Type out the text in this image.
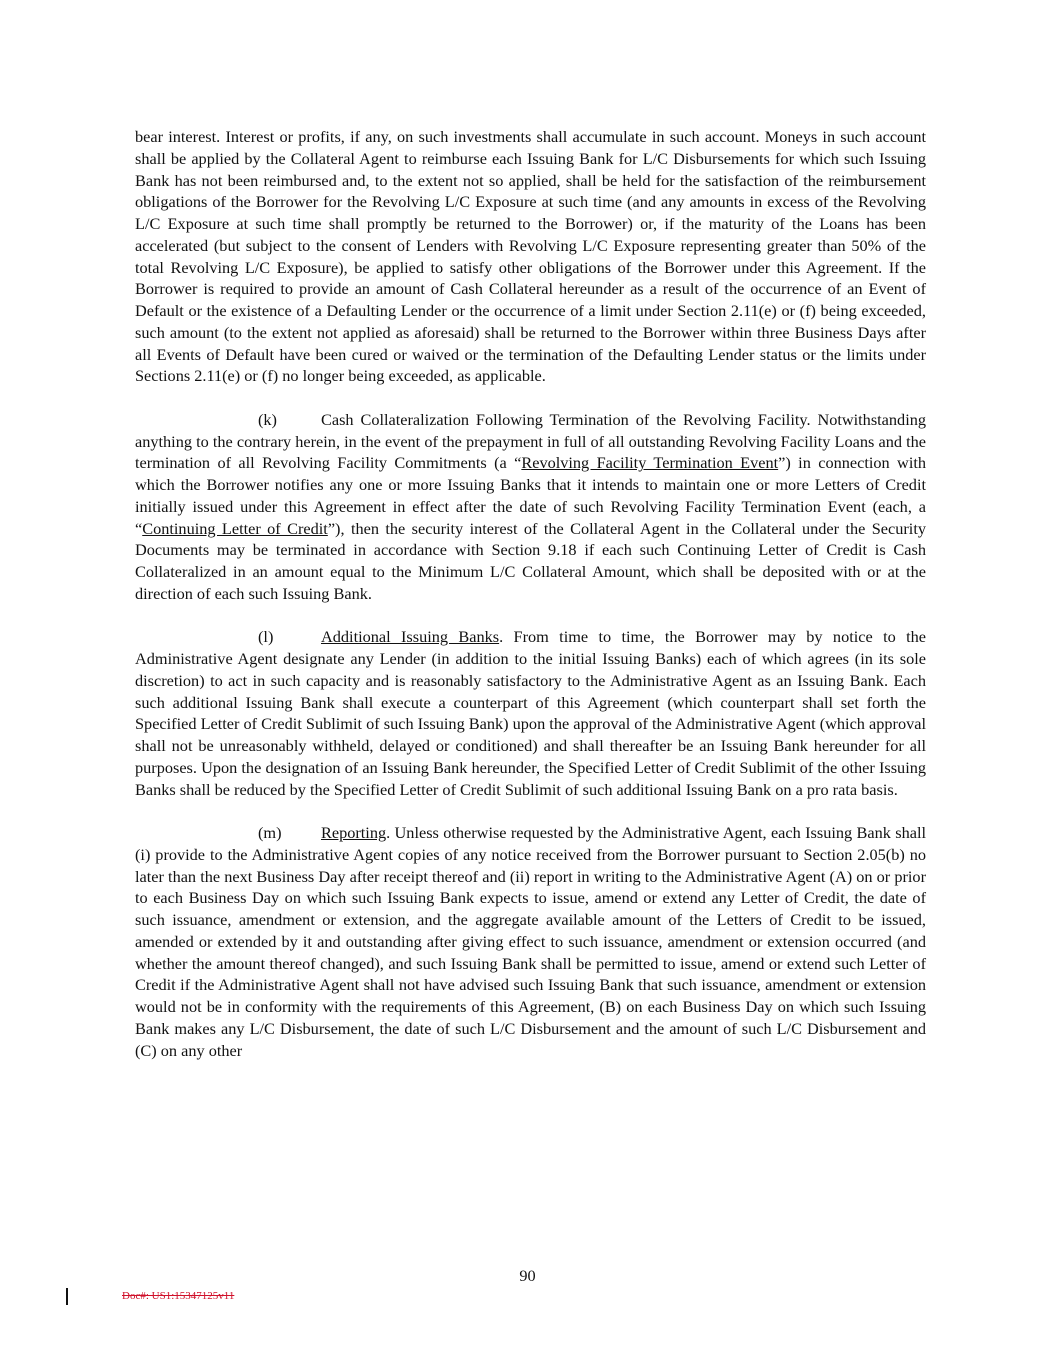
bear interest. Interest or profits, if any, on such investments shall accumulate in such account. Moneys in such account shall be applied by the Collateral Agent to reimburse each Issuing Bank for L/C Disbursements for which such Issuing Bank has not been reimbursed and, to the extent not so applied, shall be held for the satisfaction of the reimbursement obligations of the Borrower for the Revolving L/C Exposure at such time (and any amounts in excess of the Revolving L/C Exposure at such time shall promptly be returned to the Borrower) or, if the maturity of the Loans has been accelerated (but subject to the consent of Lenders with Revolving L/C Exposure representing greater than 50% of the total Revolving L/C Exposure), be applied to satisfy other obligations of the Borrower under this Agreement. If the Borrower is required to provide an amount of Cash Collateral hereunder as a result of the occurrence of an Event of Default or the existence of a Defaulting Lender or the occurrence of a limit under Section 2.11(e) or (f) being exceeded, such amount (to the extent not applied as aforesaid) shall be returned to the Borrower within three Business Days after all Events of Default have been cured or waived or the termination of the Defaulting Lender status or the limits under Sections 2.11(e) or (f) no longer being exceeded, as applicable.

(k)	Cash Collateralization Following Termination of the Revolving Facility. Notwithstanding anything to the contrary herein, in the event of the prepayment in full of all outstanding Revolving Facility Loans and the termination of all Revolving Facility Commitments (a “Revolving Facility Termination Event”) in connection with which the Borrower notifies any one or more Issuing Banks that it intends to maintain one or more Letters of Credit initially issued under this Agreement in effect after the date of such Revolving Facility Termination Event (each, a “Continuing Letter of Credit”), then the security interest of the Collateral Agent in the Collateral under the Security Documents may be terminated in accordance with Section 9.18 if each such Continuing Letter of Credit is Cash Collateralized in an amount equal to the Minimum L/C Collateral Amount, which shall be deposited with or at the direction of each such Issuing Bank.

(l)	Additional Issuing Banks. From time to time, the Borrower may by notice to the Administrative Agent designate any Lender (in addition to the initial Issuing Banks) each of which agrees (in its sole discretion) to act in such capacity and is reasonably satisfactory to the Administrative Agent as an Issuing Bank. Each such additional Issuing Bank shall execute a counterpart of this Agreement (which counterpart shall set forth the Specified Letter of Credit Sublimit of such Issuing Bank) upon the approval of the Administrative Agent (which approval shall not be unreasonably withheld, delayed or conditioned) and shall thereafter be an Issuing Bank hereunder for all purposes. Upon the designation of an Issuing Bank hereunder, the Specified Letter of Credit Sublimit of the other Issuing Banks shall be reduced by the Specified Letter of Credit Sublimit of such additional Issuing Bank on a pro rata basis.

(m) Reporting. Unless otherwise requested by the Administrative Agent, each Issuing Bank shall (i) provide to the Administrative Agent copies of any notice received from the Borrower pursuant to Section 2.05(b) no later than the next Business Day after receipt thereof and (ii) report in writing to the Administrative Agent (A) on or prior to each Business Day on which such Issuing Bank expects to issue, amend or extend any Letter of Credit, the date of such issuance, amendment or extension, and the aggregate available amount of the Letters of Credit to be issued, amended or extended by it and outstanding after giving effect to such issuance, amendment or extension occurred (and whether the amount thereof changed), and such Issuing Bank shall be permitted to issue, amend or extend such Letter of Credit if the Administrative Agent shall not have advised such Issuing Bank that such issuance, amendment or extension would not be in conformity with the requirements of this Agreement, (B) on each Business Day on which such Issuing Bank makes any L/C Disbursement, the date of such L/C Disbursement and the amount of such L/C Disbursement and (C) on any other

90
Doc#: US1:15347125v11
